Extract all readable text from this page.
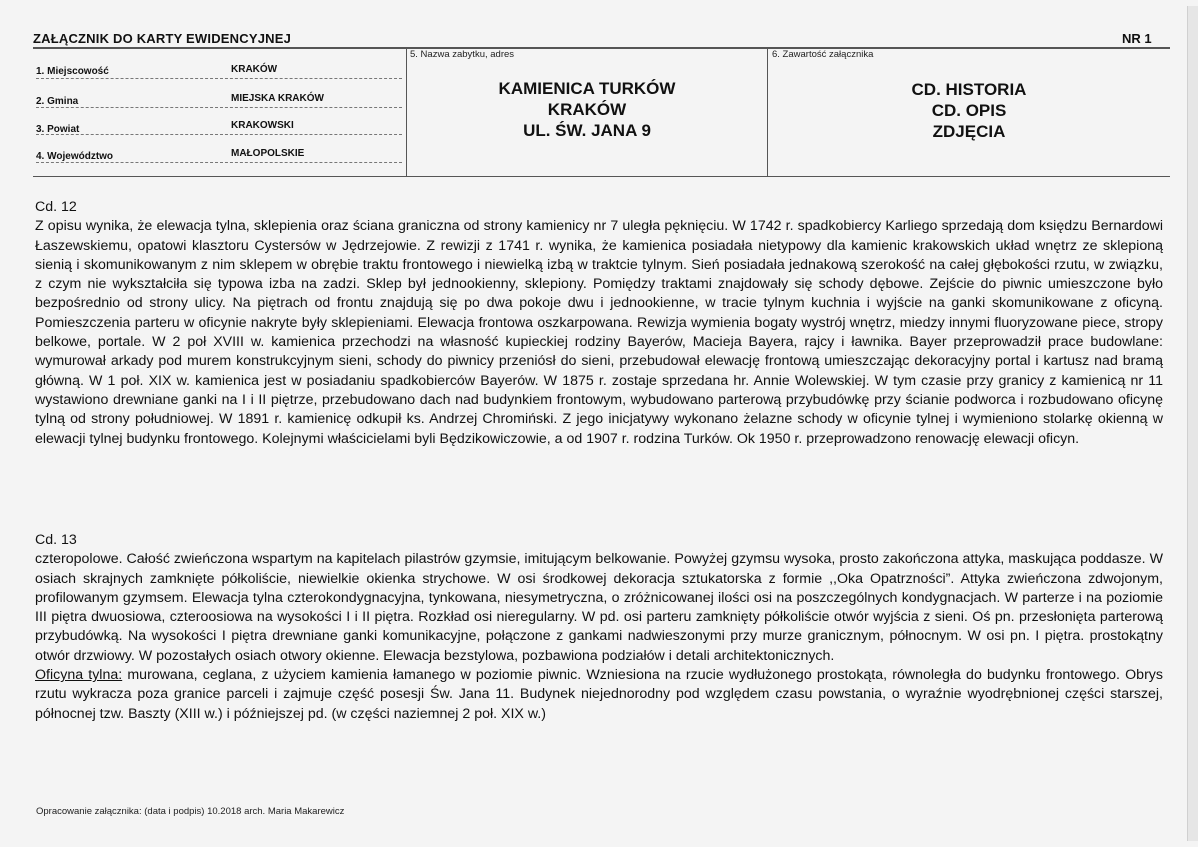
ZAŁĄCZNIK DO KARTY EWIDENCYJNEJ	NR 1
1. Miejscowość	KRAKÓW
2. Gmina	MIEJSKA KRAKÓW
3. Powiat	KRAKOWSKI
4. Województwo	MAŁOPOLSKIE
5. Nazwa zabytku, adres
KAMIENICA TURKÓW
KRAKÓW
UL. ŚW. JANA 9
6. Zawartość załącznika
CD. HISTORIA
CD. OPIS
ZDJĘCIA

Cd. 12

Z opisu wynika, że elewacja tylna, sklepienia oraz ściana graniczna od strony kamienicy nr 7 uległa pęknięciu. W 1742 r. spadkobiercy Karliego sprzedają dom księdzu Bernardowi Łaszewskiemu, opatowi klasztoru Cystersów w Jędrzejowie. Z rewizji z 1741 r. wynika, że kamienica posiadała nietypowy dla kamienic krakowskich układ wnętrz ze sklepioną sienią i skomunikowanym z nim sklepem w obrębie traktu frontowego i niewielką izbą w traktcie tylnym. Sień posiadała jednakową szerokość na całej głębokości rzutu, w związku, z czym nie wykształciła się typowa izba na zadzi. Sklep był jednookienny, sklepiony. Pomiędzy traktami znajdowały się schody dębowe. Zejście do piwnic umieszczone było bezpośrednio od strony ulicy. Na piętrach od frontu znajdują się po dwa pokoje dwu i jednookienne, w tracie tylnym kuchnia i wyjście na ganki skomunikowane z oficyną. Pomieszczenia parteru w oficynie nakryte były sklepieniami. Elewacja frontowa oszkarpowana. Rewizja wymienia bogaty wystrój wnętrz, miedzy innymi fluoryzowane piece, stropy belkowe, portale. W 2 poł XVIII w. kamienica przechodzi na własność kupieckiej rodziny Bayerów, Macieja Bayera, rajcy i ławnika. Bayer przeprowadził prace budowlane: wymurował arkady pod murem konstrukcyjnym sieni, schody do piwnicy przeniósł do sieni, przebudował elewację frontową umieszczając dekoracyjny portal i kartusz nad bramą główną. W 1 poł. XIX w. kamienica jest w posiadaniu spadkobierców Bayerów. W 1875 r. zostaje sprzedana hr. Annie Wolewskiej. W tym czasie przy granicy z kamienicą nr 11 wystawiono drewniane ganki na I i II piętrze, przebudowano dach nad budynkiem frontowym, wybudowano parterową przybudówkę przy ścianie podworca i rozbudowano oficynę tylną od strony południowej. W 1891 r. kamienicę odkupił ks. Andrzej Chromiński. Z jego inicjatywy wykonano żelazne schody w oficynie tylnej i wymieniono stolarkę okienną w elewacji tylnej budynku frontowego. Kolejnymi właścicielami byli Będzikowiczowie, a od 1907 r. rodzina Turków. Ok 1950 r. przeprowadzono renowację elewacji oficyn.

Cd. 13

czteropolowe. Całość zwieńczona wspartym na kapitelach pilastrów gzymsie, imitującym belkowanie. Powyżej gzymsu wysoka, prosto zakończona attyka, maskująca poddasze. W osiach skrajnych zamknięte półkoliście, niewielkie okienka strychowe. W osi środkowej dekoracja sztukatorska z formie ,,Oka Opatrzności”. Attyka zwieńczona zdwojonym, profilowanym gzymsem. Elewacja tylna czterokondygnacyjna, tynkowana, niesymetryczna, o zróżnicowanej ilości osi na poszczególnych kondygnacjach. W parterze i na poziomie III piętra dwuosiowa, czteroosiowa na wysokości I i II piętra. Rozkład osi nieregularny. W pd. osi parteru zamknięty półkoliście otwór wyjścia z sieni. Oś pn. przesłonięta parterową przybudówką. Na wysokości I piętra drewniane ganki komunikacyjne, połączone z gankami nadwieszonymi przy murze granicznym, północnym. W osi pn. I piętra. prostokątny otwór drzwiowy. W pozostałych osiach otwory okienne. Elewacja bezstylowa, pozbawiona podziałów i detali architektonicznych.

Oficyna tylna: murowana, ceglana, z użyciem kamienia łamanego w poziomie piwnic. Wzniesiona na rzucie wydłużonego prostokąta, równoległa do budynku frontowego. Obrys rzutu wykracza poza granice parceli i zajmuje część posesji Św. Jana 11. Budynek niejednorodny pod względem czasu powstania, o wyraźnie wyodrębnionej części starszej, północnej tzw. Baszty (XIII w.) i późniejszej pd. (w części naziemnej 2 poł. XIX w.)

Opracowanie załącznika: (data i podpis) 10.2018 arch. Maria Makarewicz
